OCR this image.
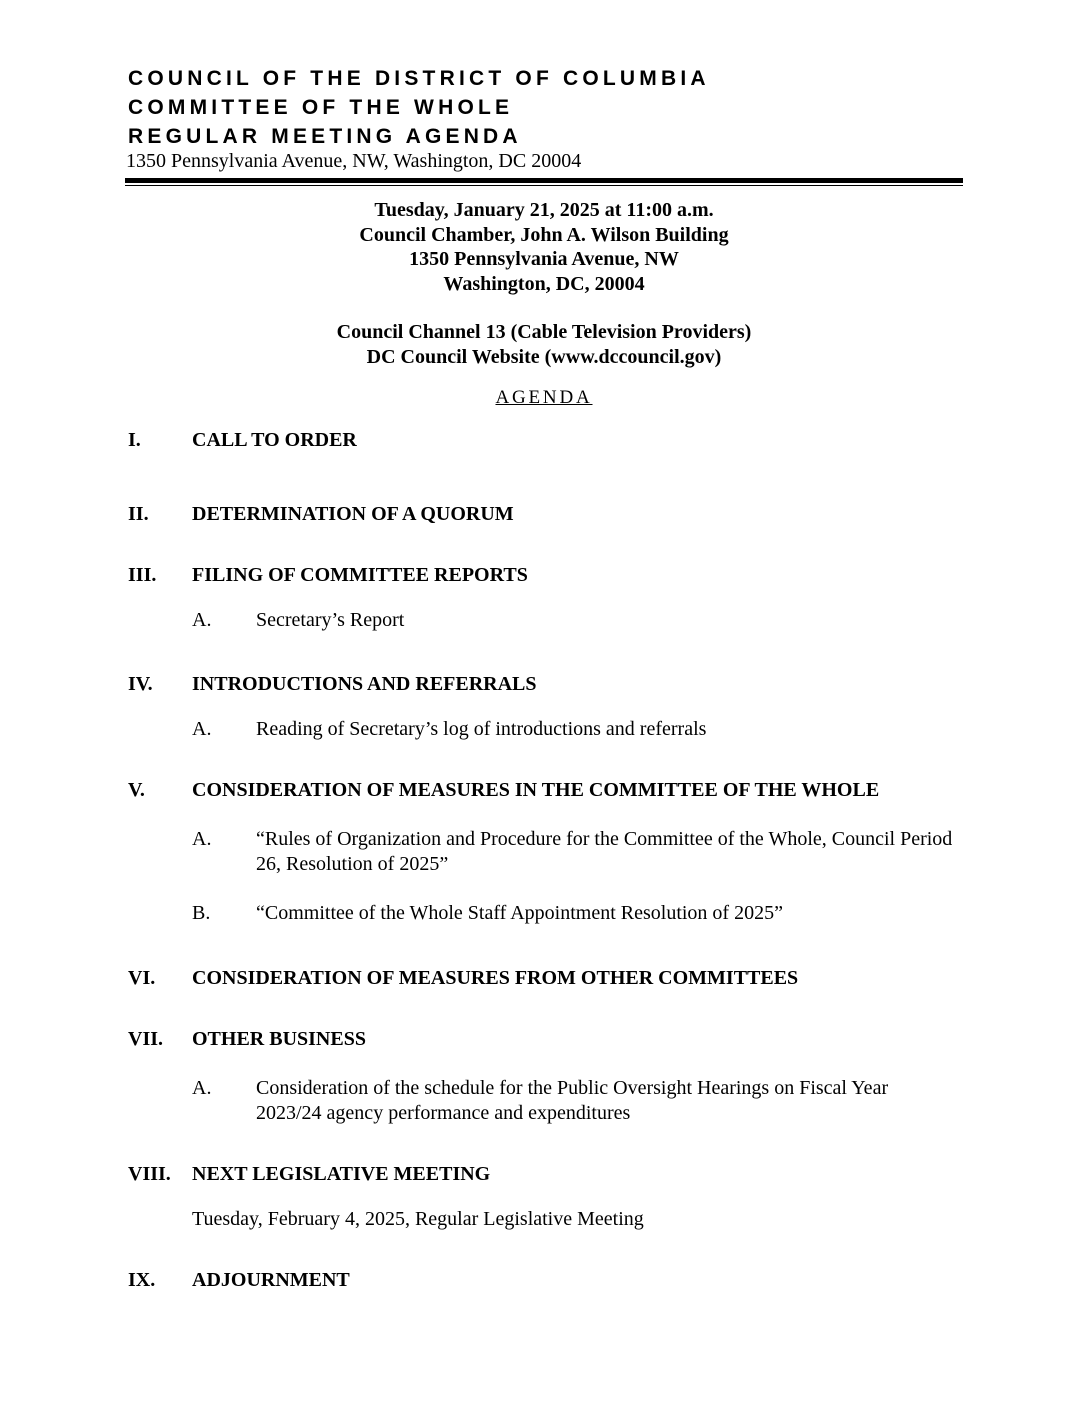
COUNCIL OF THE DISTRICT OF COLUMBIA
COMMITTEE OF THE WHOLE
REGULAR MEETING AGENDA
1350 Pennsylvania Avenue, NW, Washington, DC 20004
Tuesday, January 21, 2025 at 11:00 a.m.
Council Chamber, John A. Wilson Building
1350 Pennsylvania Avenue, NW
Washington, DC, 20004
Council Channel 13 (Cable Television Providers)
DC Council Website (www.dccouncil.gov)
AGENDA
I.	CALL TO ORDER
II. DETERMINATION OF A QUORUM
III. FILING OF COMMITTEE REPORTS
A. Secretary’s Report
IV. INTRODUCTIONS AND REFERRALS
A. Reading of Secretary’s log of introductions and referrals
V. CONSIDERATION OF MEASURES IN THE COMMITTEE OF THE WHOLE
A. “Rules of Organization and Procedure for the Committee of the Whole, Council Period 26, Resolution of 2025”
B. “Committee of the Whole Staff Appointment Resolution of 2025”
VI. CONSIDERATION OF MEASURES FROM OTHER COMMITTEES
VII. OTHER BUSINESS
A. Consideration of the schedule for the Public Oversight Hearings on Fiscal Year 2023/24 agency performance and expenditures
VIII. NEXT LEGISLATIVE MEETING
Tuesday, February 4, 2025, Regular Legislative Meeting
IX. ADJOURNMENT
